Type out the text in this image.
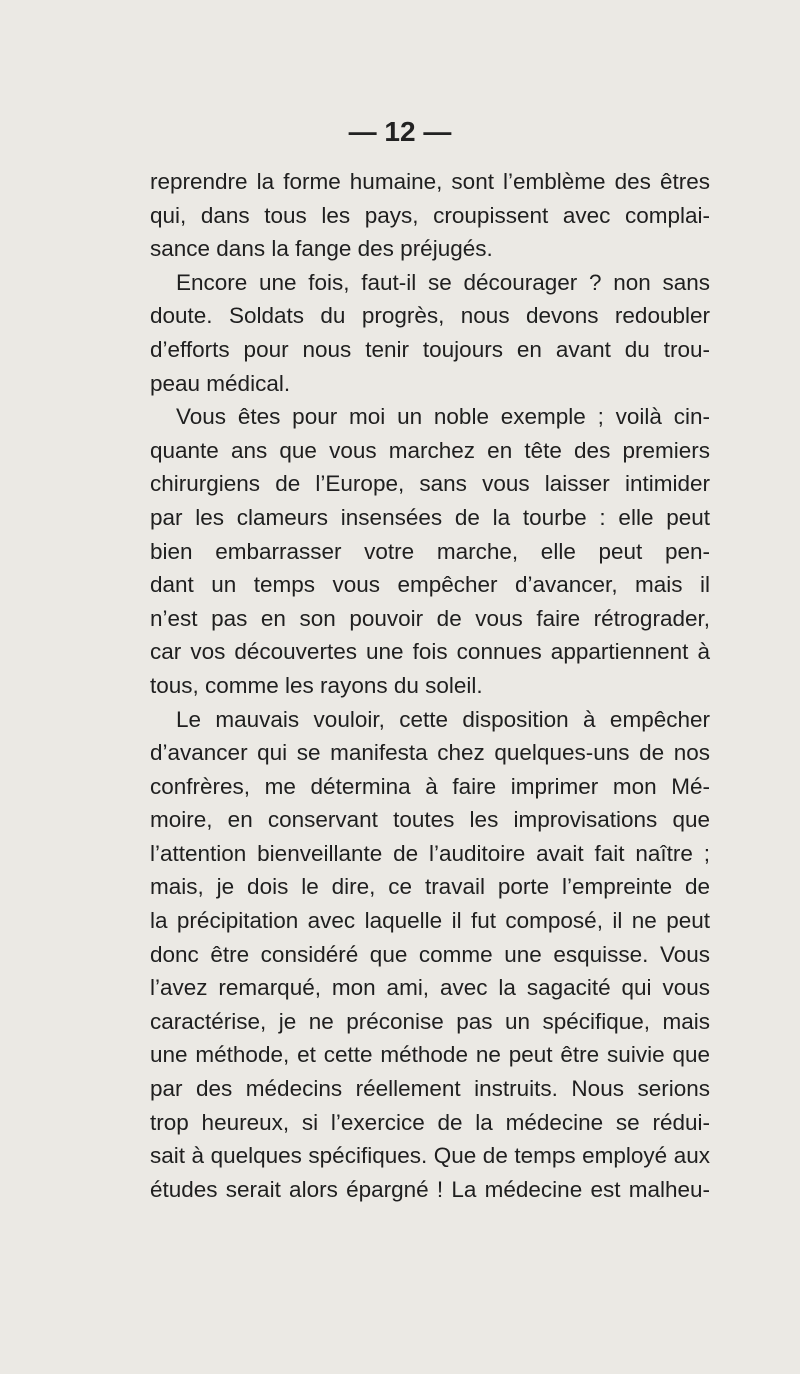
— 12 —
reprendre la forme humaine, sont l’emblème des êtres
qui, dans tous les pays, croupissent avec complai-
sance dans la fange des préjugés.
Encore une fois, faut-il se décourager ? non sans
doute. Soldats du progrès, nous devons redoubler
d’efforts pour nous tenir toujours en avant du trou-
peau médical.
Vous êtes pour moi un noble exemple ; voilà cin-
quante ans que vous marchez en tête des premiers
chirurgiens de l’Europe, sans vous laisser intimider
par les clameurs insensées de la tourbe : elle peut
bien embarrasser votre marche, elle peut pen-
dant un temps vous empêcher d’avancer, mais il
n’est pas en son pouvoir de vous faire rétrograder,
car vos découvertes une fois connues appartiennent à
tous, comme les rayons du soleil.
Le mauvais vouloir, cette disposition à empêcher
d’avancer qui se manifesta chez quelques-uns de nos
confrères, me détermina à faire imprimer mon Mé-
moire, en conservant toutes les improvisations que
l’attention bienveillante de l’auditoire avait fait naître ;
mais, je dois le dire, ce travail porte l’empreinte de
la précipitation avec laquelle il fut composé, il ne peut
donc être considéré que comme une esquisse. Vous
l’avez remarqué, mon ami, avec la sagacité qui vous
caractérise, je ne préconise pas un spécifique, mais
une méthode, et cette méthode ne peut être suivie que
par des médecins réellement instruits. Nous serions
trop heureux, si l’exercice de la médecine se rédui-
sait à quelques spécifiques. Que de temps employé aux
études serait alors épargné ! La médecine est malheu-
